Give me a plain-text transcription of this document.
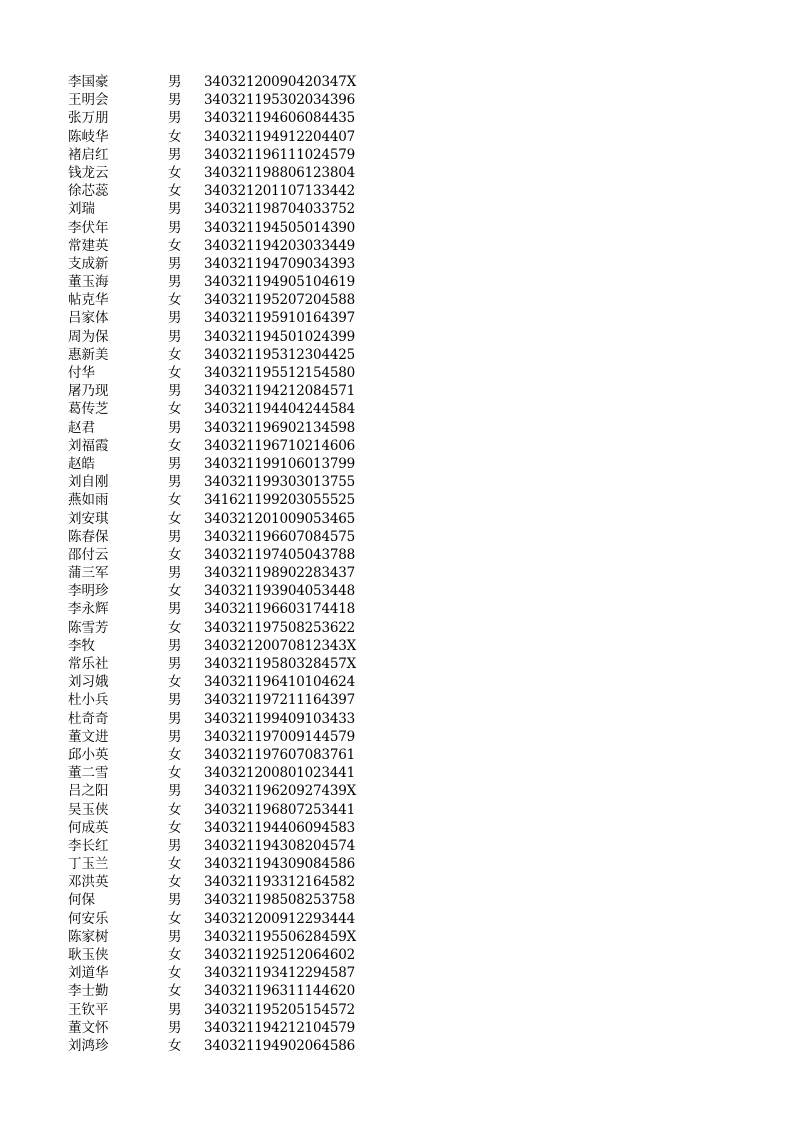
李国豪	男	34032120090420347X
王明会	男	340321195302034396
张万朋	男	340321194606084435
陈岐华	女	340321194912204407
褚启红	男	340321196111024579
钱龙云	女	340321198806123804
徐芯蕊	女	340321201107133442
刘瑞	男	340321198704033752
李伏年	男	340321194505014390
常建英	女	340321194203033449
支成新	男	340321194709034393
董玉海	男	340321194905104619
帖克华	女	340321195207204588
吕家体	男	340321195910164397
周为保	男	340321194501024399
惠新美	女	340321195312304425
付华	女	340321195512154580
屠乃现	男	340321194212084571
葛传芝	女	340321194404244584
赵君	男	340321196902134598
刘福霞	女	340321196710214606
赵皓	男	340321199106013799
刘自刚	男	340321199303013755
燕如雨	女	341621199203055525
刘安琪	女	340321201009053465
陈春保	男	340321196607084575
邵付云	女	340321197405043788
蒲三军	男	340321198902283437
李明珍	女	340321193904053448
李永辉	男	340321196603174418
陈雪芳	女	340321197508253622
李牧	男	34032120070812343X
常乐社	男	34032119580328457X
刘习娥	女	340321196410104624
杜小兵	男	340321197211164397
杜奇奇	男	340321199409103433
董文进	男	340321197009144579
邱小英	女	340321197607083761
董二雪	女	340321200801023441
吕之阳	男	34032119620927439X
吴玉侠	女	340321196807253441
何成英	女	340321194406094583
李长红	男	340321194308204574
丁玉兰	女	340321194309084586
邓洪英	女	340321193312164582
何保	男	340321198508253758
何安乐	女	340321200912293444
陈家树	男	34032119550628459X
耿玉侠	女	340321192512064602
刘道华	女	340321193412294587
李士勤	女	340321196311144620
王钦平	男	340321195205154572
董文怀	男	340321194212104579
刘鸿珍	女	340321194902064586
